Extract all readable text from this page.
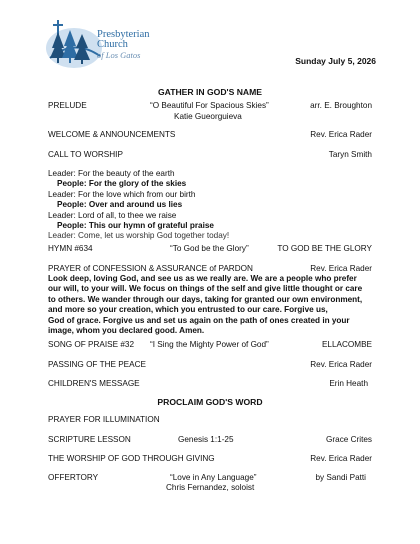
Presbyterian
Church
of Los Gatos
Sunday July 5, 2026
GATHER IN GOD'S NAME
PRELUDE	“O Beautiful For Spacious Skies”	arr. E. Broughton
Katie Gueorguieva
WELCOME & ANNOUNCEMENTS	Rev. Erica Rader
CALL TO WORSHIP	Taryn Smith
Leader: For the beauty of the earth
People: For the glory of the skies
Leader: For the love which from our birth
People: Over and around us lies
Leader: Lord of all, to thee we raise
People: This our hymn of grateful praise
Leader: Come, let us worship God together today!
HYMN #634	“To God be the Glory”	TO GOD BE THE GLORY
PRAYER of CONFESSION & ASSURANCE of PARDON	Rev. Erica Rader
Look deep, loving God, and see us as we really are. We are a people who prefer
our will, to your will. We focus on things of the self and give little thought or care
to others. We wander through our days, taking for granted our own environment,
and more so your creation, which you entrusted to our care. Forgive us,
God of grace. Forgive us and set us again on the path of ones created in your
image, whom you declared good. Amen.
SONG OF PRAISE #32 “I Sing the Mighty Power of God”	ELLACOMBE
PASSING OF THE PEACE	Rev. Erica Rader
CHILDREN'S MESSAGE	Erin Heath
PROCLAIM GOD'S WORD
PRAYER FOR ILLUMINATION
SCRIPTURE LESSON	Genesis 1:1-25	Grace Crites
THE WORSHIP OF GOD THROUGH GIVING	Rev. Erica Rader
OFFERTORY	“Love in Any Language”	by Sandi Patti
Chris Fernandez, soloist
